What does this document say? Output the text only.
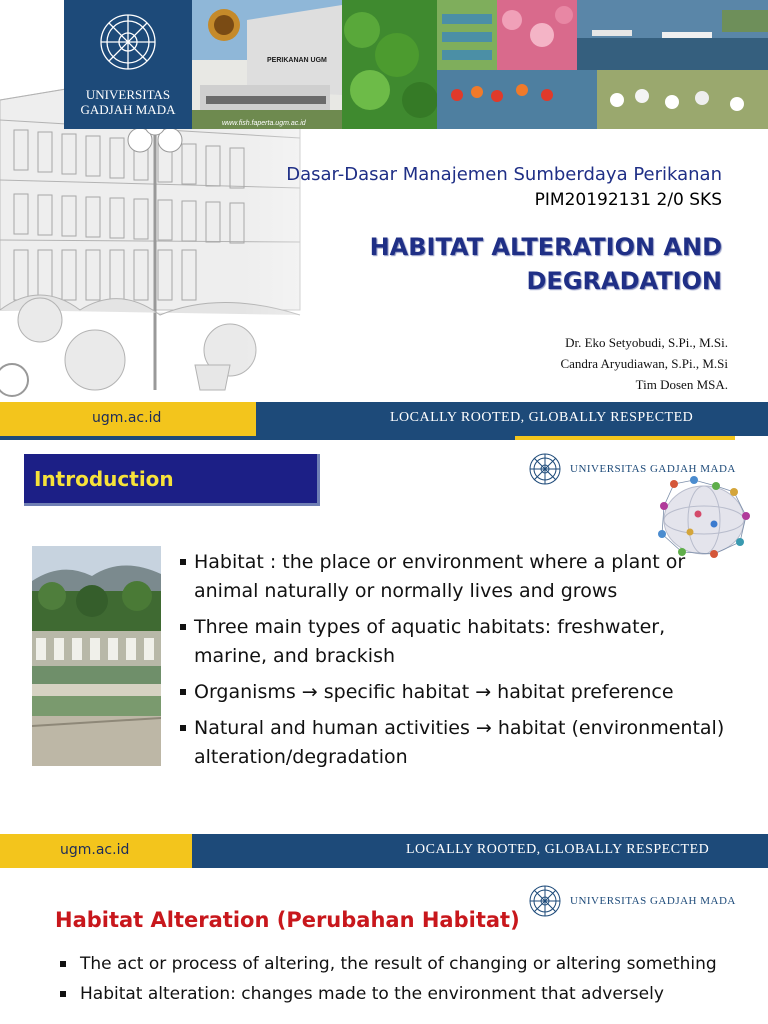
UNIVERSITAS
GADJAH MADA
PERIKANAN UGM
www.fish.faperta.ugm.ac.id
Dasar-Dasar Manajemen Sumberdaya Perikanan
PIM20192131 2/0 SKS
HABITAT ALTERATION AND
DEGRADATION
Dr. Eko Setyobudi, S.Pi., M.Si.
Candra Aryudiawan, S.Pi., M.Si
Tim Dosen MSA.
ugm.ac.id	LOCALLY ROOTED, GLOBALLY RESPECTED
Introduction	UNIVERSITAS GADJAH MADA
Habitat : the place or environment where a plant or animal naturally or normally lives and grows
Three main types of aquatic habitats: freshwater, marine, and brackish
Organisms → specific habitat → habitat preference
Natural and human activities → habitat (environmental) alteration/degradation
ugm.ac.id	LOCALLY ROOTED, GLOBALLY RESPECTED
UNIVERSITAS GADJAH MADA
Habitat Alteration (Perubahan Habitat)
The act or process of altering, the result of changing or altering something
Habitat alteration: changes made to the environment that adversely
